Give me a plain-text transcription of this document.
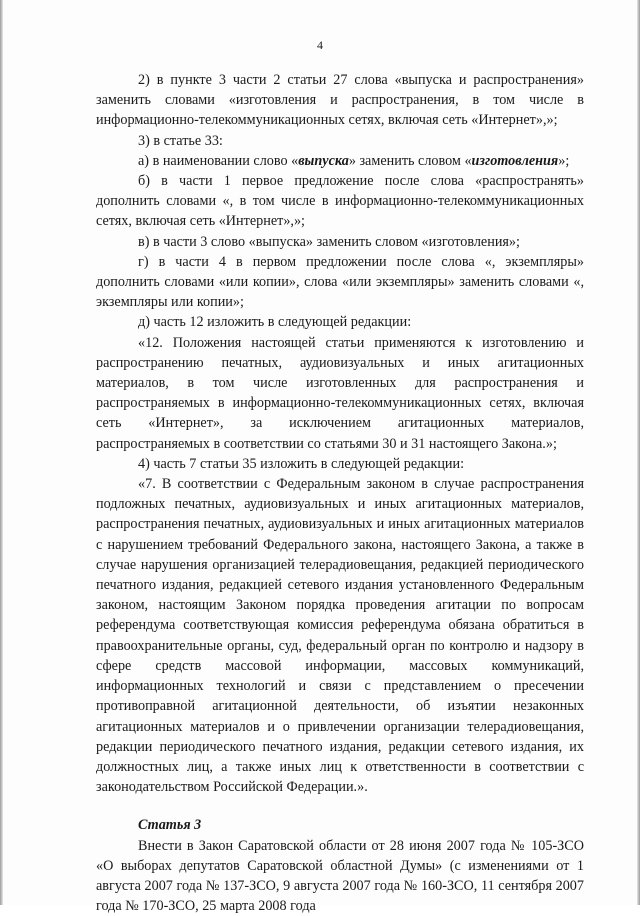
4

2) в пункте 3 части 2 статьи 27 слова «выпуска и распространения» заменить словами «изготовления и распространения, в том числе в информационно-телекоммуникационных сетях, включая сеть «Интернет»,»;

3) в статье 33:

а) в наименовании слово «выпуска» заменить словом «изготовления»;

б) в части 1 первое предложение после слова «распространять» дополнить словами «, в том числе в информационно-телекоммуникационных сетях, включая сеть «Интернет»,»;

в) в части 3 слово «выпуска» заменить словом «изготовления»;

г) в части 4 в первом предложении после слова «, экземпляры» дополнить словами «или копии», слова «или экземпляры» заменить словами «, экземпляры или копии»;

д) часть 12 изложить в следующей редакции:

«12. Положения настоящей статьи применяются к изготовлению и распространению печатных, аудиовизуальных и иных агитационных материалов, в том числе изготовленных для распространения и распространяемых в информационно-телекоммуникационных сетях, включая сеть «Интернет», за исключением агитационных материалов, распространяемых в соответствии со статьями 30 и 31 настоящего Закона.»;

4) часть 7 статьи 35 изложить в следующей редакции:

«7. В соответствии с Федеральным законом в случае распространения подложных печатных, аудиовизуальных и иных агитационных материалов, распространения печатных, аудиовизуальных и иных агитационных материалов с нарушением требований Федерального закона, настоящего Закона, а также в случае нарушения организацией телерадиовещания, редакцией периодического печатного издания, редакцией сетевого издания установленного Федеральным законом, настоящим Законом порядка проведения агитации по вопросам референдума соответствующая комиссия референдума обязана обратиться в правоохранительные органы, суд, федеральный орган по контролю и надзору в сфере средств массовой информации, массовых коммуникаций, информационных технологий и связи с представлением о пресечении противоправной агитационной деятельности, об изъятии незаконных агитационных материалов и о привлечении организации телерадиовещания, редакции периодического печатного издания, редакции сетевого издания, их должностных лиц, а также иных лиц к ответственности в соответствии с законодательством Российской Федерации.».

Статья 3

Внести в Закон Саратовской области от 28 июня 2007 года № 105-ЗСО «О выборах депутатов Саратовской областной Думы» (с изменениями от 1 августа 2007 года № 137-ЗСО, 9 августа 2007 года № 160-ЗСО, 11 сентября 2007 года № 170-ЗСО, 25 марта 2008 года
